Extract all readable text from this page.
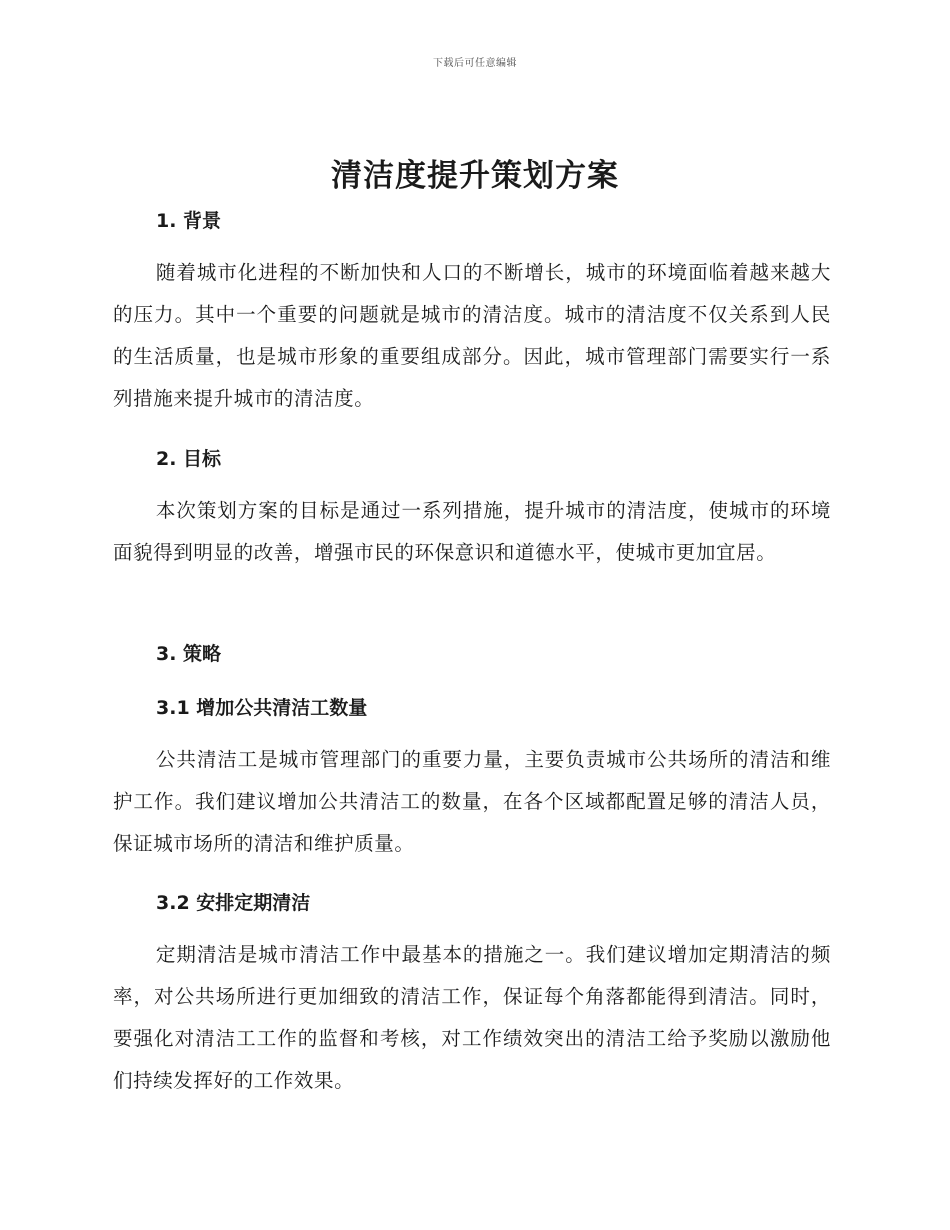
下载后可任意编辑
清洁度提升策划方案
1. 背景

随着城市化进程的不断加快和人口的不断增长，城市的环境面临着越来越大的压力。其中一个重要的问题就是城市的清洁度。城市的清洁度不仅关系到人民的生活质量，也是城市形象的重要组成部分。因此，城市管理部门需要实行一系列措施来提升城市的清洁度。

2. 目标

本次策划方案的目标是通过一系列措施，提升城市的清洁度，使城市的环境面貌得到明显的改善，增强市民的环保意识和道德水平，使城市更加宜居。

3. 策略
3.1 增加公共清洁工数量

公共清洁工是城市管理部门的重要力量，主要负责城市公共场所的清洁和维护工作。我们建议增加公共清洁工的数量，在各个区域都配置足够的清洁人员，保证城市场所的清洁和维护质量。

3.2 安排定期清洁

定期清洁是城市清洁工作中最基本的措施之一。我们建议增加定期清洁的频率，对公共场所进行更加细致的清洁工作，保证每个角落都能得到清洁。同时，要强化对清洁工工作的监督和考核，对工作绩效突出的清洁工给予奖励以激励他们持续发挥好的工作效果。
